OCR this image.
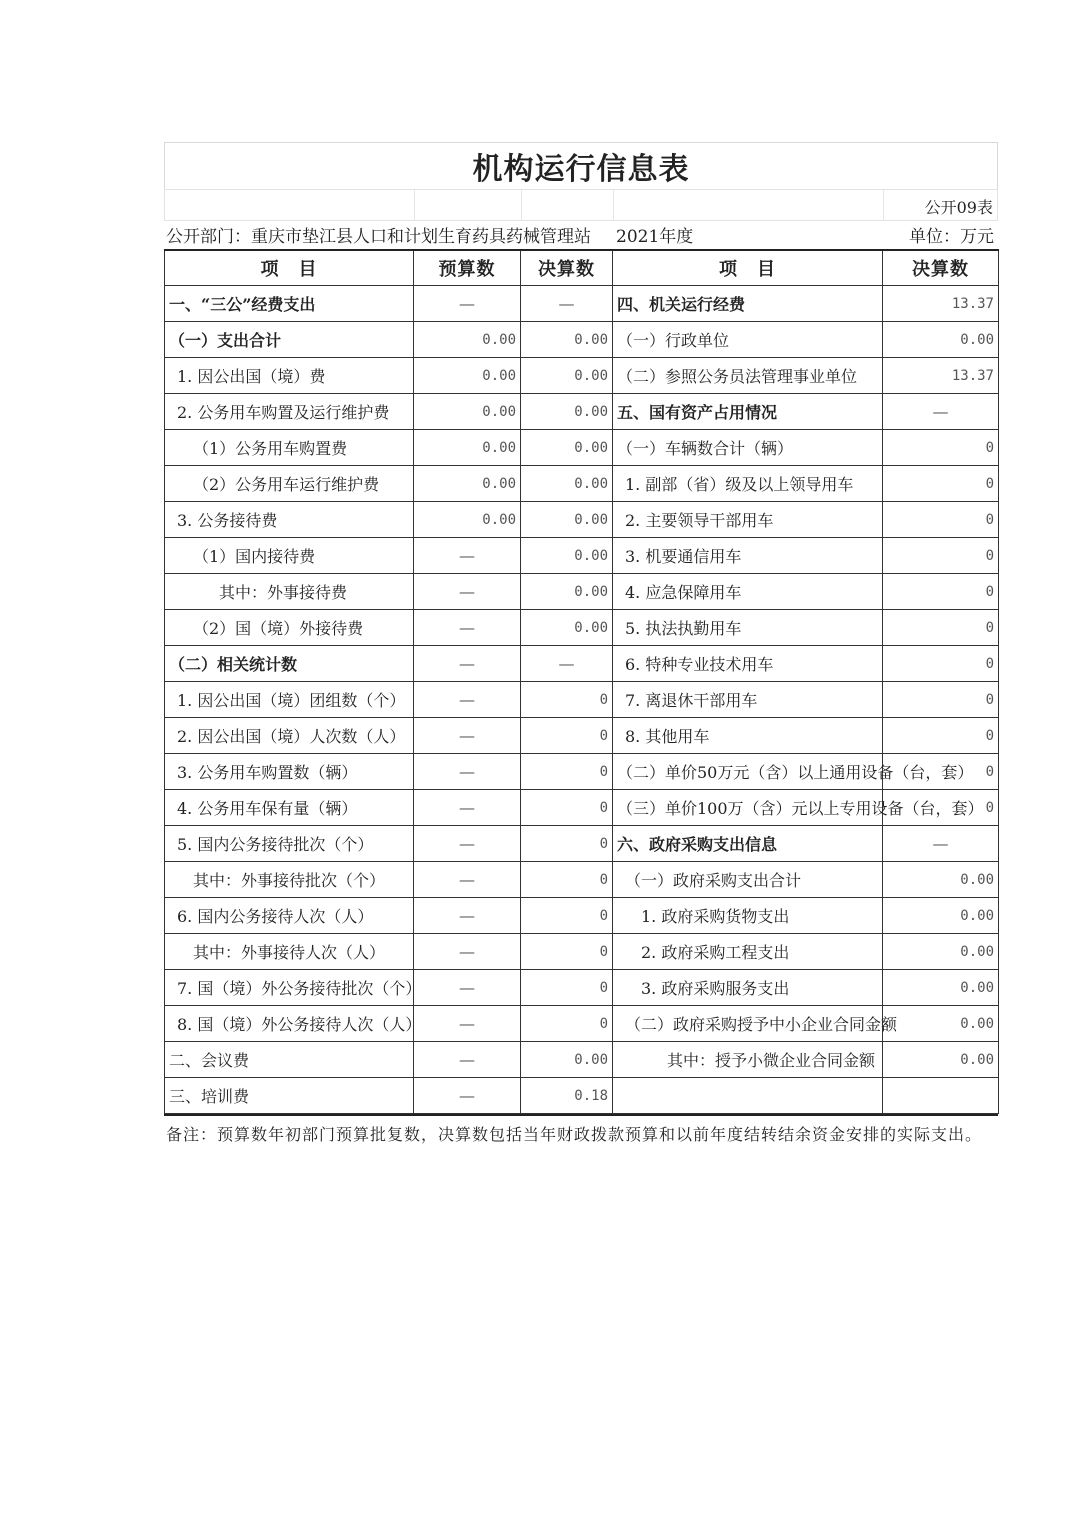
机构运行信息表
公开09表
公开部门：重庆市垫江县人口和计划生育药具药械管理站 2021年度	单位：万元
项　目	预算数	决算数	项　目	决算数
一、“三公”经费支出	—	—	四、机关运行经费	13.37
（一）支出合计	0.00	0.00	（一）行政单位	0.00
1. 因公出国（境）费	0.00	0.00	（二）参照公务员法管理事业单位	13.37
2. 公务用车购置及运行维护费	0.00	0.00	五、国有资产占用情况	—
（1）公务用车购置费	0.00	0.00	（一）车辆数合计（辆）	0
（2）公务用车运行维护费	0.00	0.00	1. 副部（省）级及以上领导用车	0
3. 公务接待费	0.00	0.00	2. 主要领导干部用车	0
（1）国内接待费	—	0.00	3. 机要通信用车	0
其中：外事接待费	—	0.00	4. 应急保障用车	0
（2）国（境）外接待费	—	0.00	5. 执法执勤用车	0
（二）相关统计数	—	—	6. 特种专业技术用车	0
1. 因公出国（境）团组数（个）	—	0	7. 离退休干部用车	0
2. 因公出国（境）人次数（人）	—	0	8. 其他用车	0
3. 公务用车购置数（辆）	—	0	（二）单价50万元（含）以上通用设备（台，套）	0
4. 公务用车保有量（辆）	—	0	（三）单价100万（含）元以上专用设备（台，套）	0
5. 国内公务接待批次（个）	—	0	六、政府采购支出信息	—
其中：外事接待批次（个）	—	0	（一）政府采购支出合计	0.00
6. 国内公务接待人次（人）	—	0	1. 政府采购货物支出	0.00
其中：外事接待人次（人）	—	0	2. 政府采购工程支出	0.00
7. 国（境）外公务接待批次（个）	—	0	3. 政府采购服务支出	0.00
8. 国（境）外公务接待人次（人）	—	0	（二）政府采购授予中小企业合同金额	0.00
二、会议费	—	0.00	其中：授予小微企业合同金额	0.00
三、培训费	—	0.18		
备注：预算数年初部门预算批复数，决算数包括当年财政拨款预算和以前年度结转结余资金安排的实际支出。
